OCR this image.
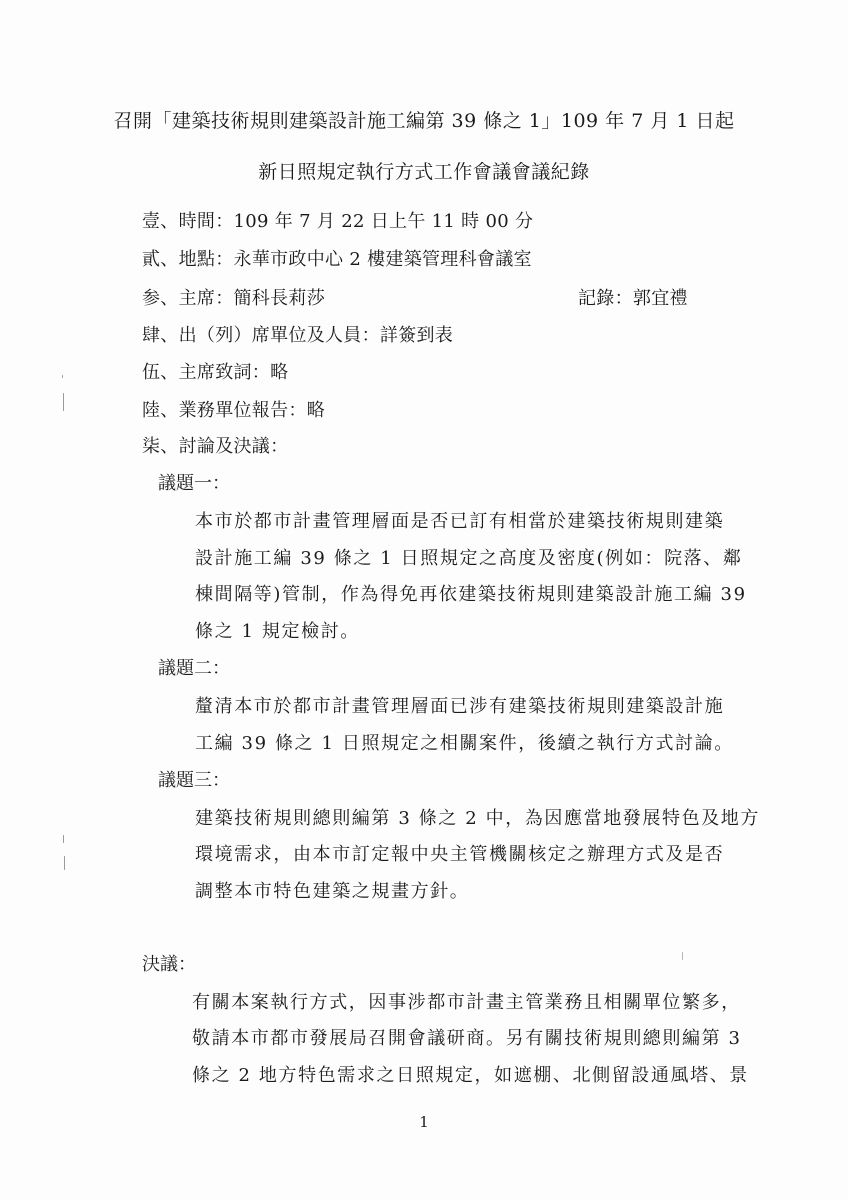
召開「建築技術規則建築設計施工編第 39 條之 1」109 年 7 月 1 日起
新日照規定執行方式工作會議會議紀錄
壹、時間：109 年 7 月 22 日上午 11 時 00 分
貳、地點：永華市政中心 2 樓建築管理科會議室
参、主席：簡科長莉莎	記錄：郭宜禮
肆、出（列）席單位及人員：詳簽到表
伍、主席致詞：略
陸、業務單位報告：略
柒、討論及決議：
議題一：
本市於都市計畫管理層面是否已訂有相當於建築技術規則建築
設計施工編 39 條之 1 日照規定之高度及密度(例如：院落、鄰
棟間隔等)管制，作為得免再依建築技術規則建築設計施工編 39
條之 1 規定檢討。
議題二：
釐清本市於都市計畫管理層面已涉有建築技術規則建築設計施
工編 39 條之 1 日照規定之相關案件，後續之執行方式討論。
議題三：
建築技術規則總則編第 3 條之 2 中，為因應當地發展特色及地方
環境需求，由本市訂定報中央主管機關核定之辦理方式及是否
調整本市特色建築之規畫方針。
決議：
有關本案執行方式，因事涉都市計畫主管業務且相關單位繁多，
敬請本市都市發展局召開會議研商。另有關技術規則總則編第 3
條之 2 地方特色需求之日照規定，如遮棚、北側留設通風塔、景
1
